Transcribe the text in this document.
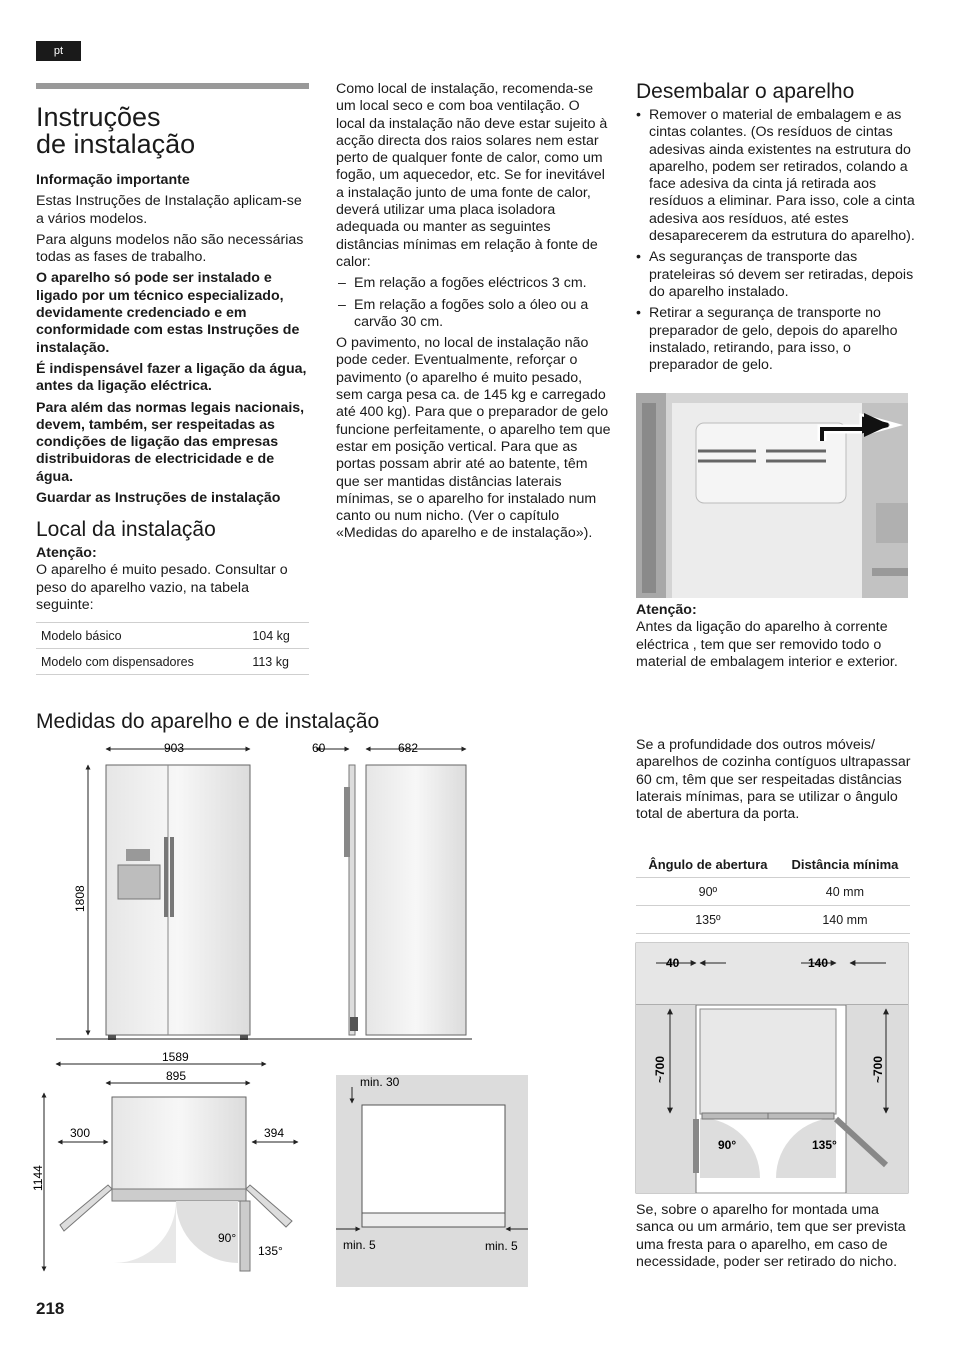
pt
Instruções
de instalação

Informação importante

Estas Instruções de Instalação aplicam-se a vários modelos.

Para alguns modelos não são necessárias todas as fases de trabalho.

O aparelho só pode ser instalado e ligado por um técnico especializado, devidamente credenciado e em conformidade com estas Instruções de instalação.

É indispensável fazer a ligação da água, antes da ligação eléctrica.

Para além das normas legais nacionais, devem, também, ser respeitadas as condições de ligação das empresas distribuidoras de electricidade e de água.

Guardar as Instruções de instalação

Local da instalação

Atenção:

O aparelho é muito pesado. Consultar o peso do aparelho vazio, na tabela seguinte:

Modelo básico	104 kg
Modelo com dispensadores	113 kg

Como local de instalação, recomenda-se um local seco e com boa ventilação. O local da instalação não deve estar sujeito à acção directa dos raios solares nem estar perto de qualquer fonte de calor, como um fogão, um aquecedor, etc. Se for inevitável a instalação junto de uma fonte de calor, deverá utilizar uma placa isoladora adequada ou manter as seguintes distâncias mínimas em relação à fonte de calor:

– Em relação a fogões eléctricos 3 cm.
– Em relação a fogões solo a óleo ou a carvão 30 cm.

O pavimento, no local de instalação não pode ceder. Eventualmente, reforçar o pavimento (o aparelho é muito pesado, sem carga pesa ca. de 145 kg e carregado até 400 kg). Para que o preparador de gelo funcione perfeitamente, o aparelho tem que estar em posição vertical. Para que as portas possam abrir até ao batente, têm que ser mantidas distâncias laterais mínimas, se o aparelho for instalado num canto ou num nicho. (Ver o capítulo «Medidas do aparelho e de instalação»).

Desembalar o aparelho
• Remover o material de embalagem e as cintas colantes. (Os resíduos de cintas adesivas ainda existentes na estrutura do aparelho, podem ser retirados, colando a face adesiva da cinta já retirada aos resíduos a eliminar. Para isso, cole a cinta adesiva aos resíduos, até estes desaparecerem da estrutura do aparelho).
• As seguranças de transporte das prateleiras só devem ser retiradas, depois do aparelho instalado.
• Retirar a segurança de transporte no preparador de gelo, depois do aparelho instalado, retirando, para isso, o preparador de gelo.

Atenção:

Antes da ligação do aparelho à corrente eléctrica , tem que ser removido todo o material de embalagem interior e exterior.

Medidas do aparelho e de instalação

Se a profundidade dos outros móveis/ aparelhos de cozinha contíguos ultrapassar 60 cm, têm que ser respeitadas distâncias laterais mínimas, para se utilizar o ângulo total de abertura da porta.

Ângulo de abertura	Distância mínima
90º	40 mm
135º	140 mm
40	140
~700	~700
90°	135°

Se, sobre o aparelho for montada uma sanca ou um armário, tem que ser prevista uma fresta para o aparelho, em caso de necessidade, poder ser retirado do nicho.

903
1808
60	682
1589
895
300	394
1144
90°
135°
min. 30
min. 5	min. 5
218
